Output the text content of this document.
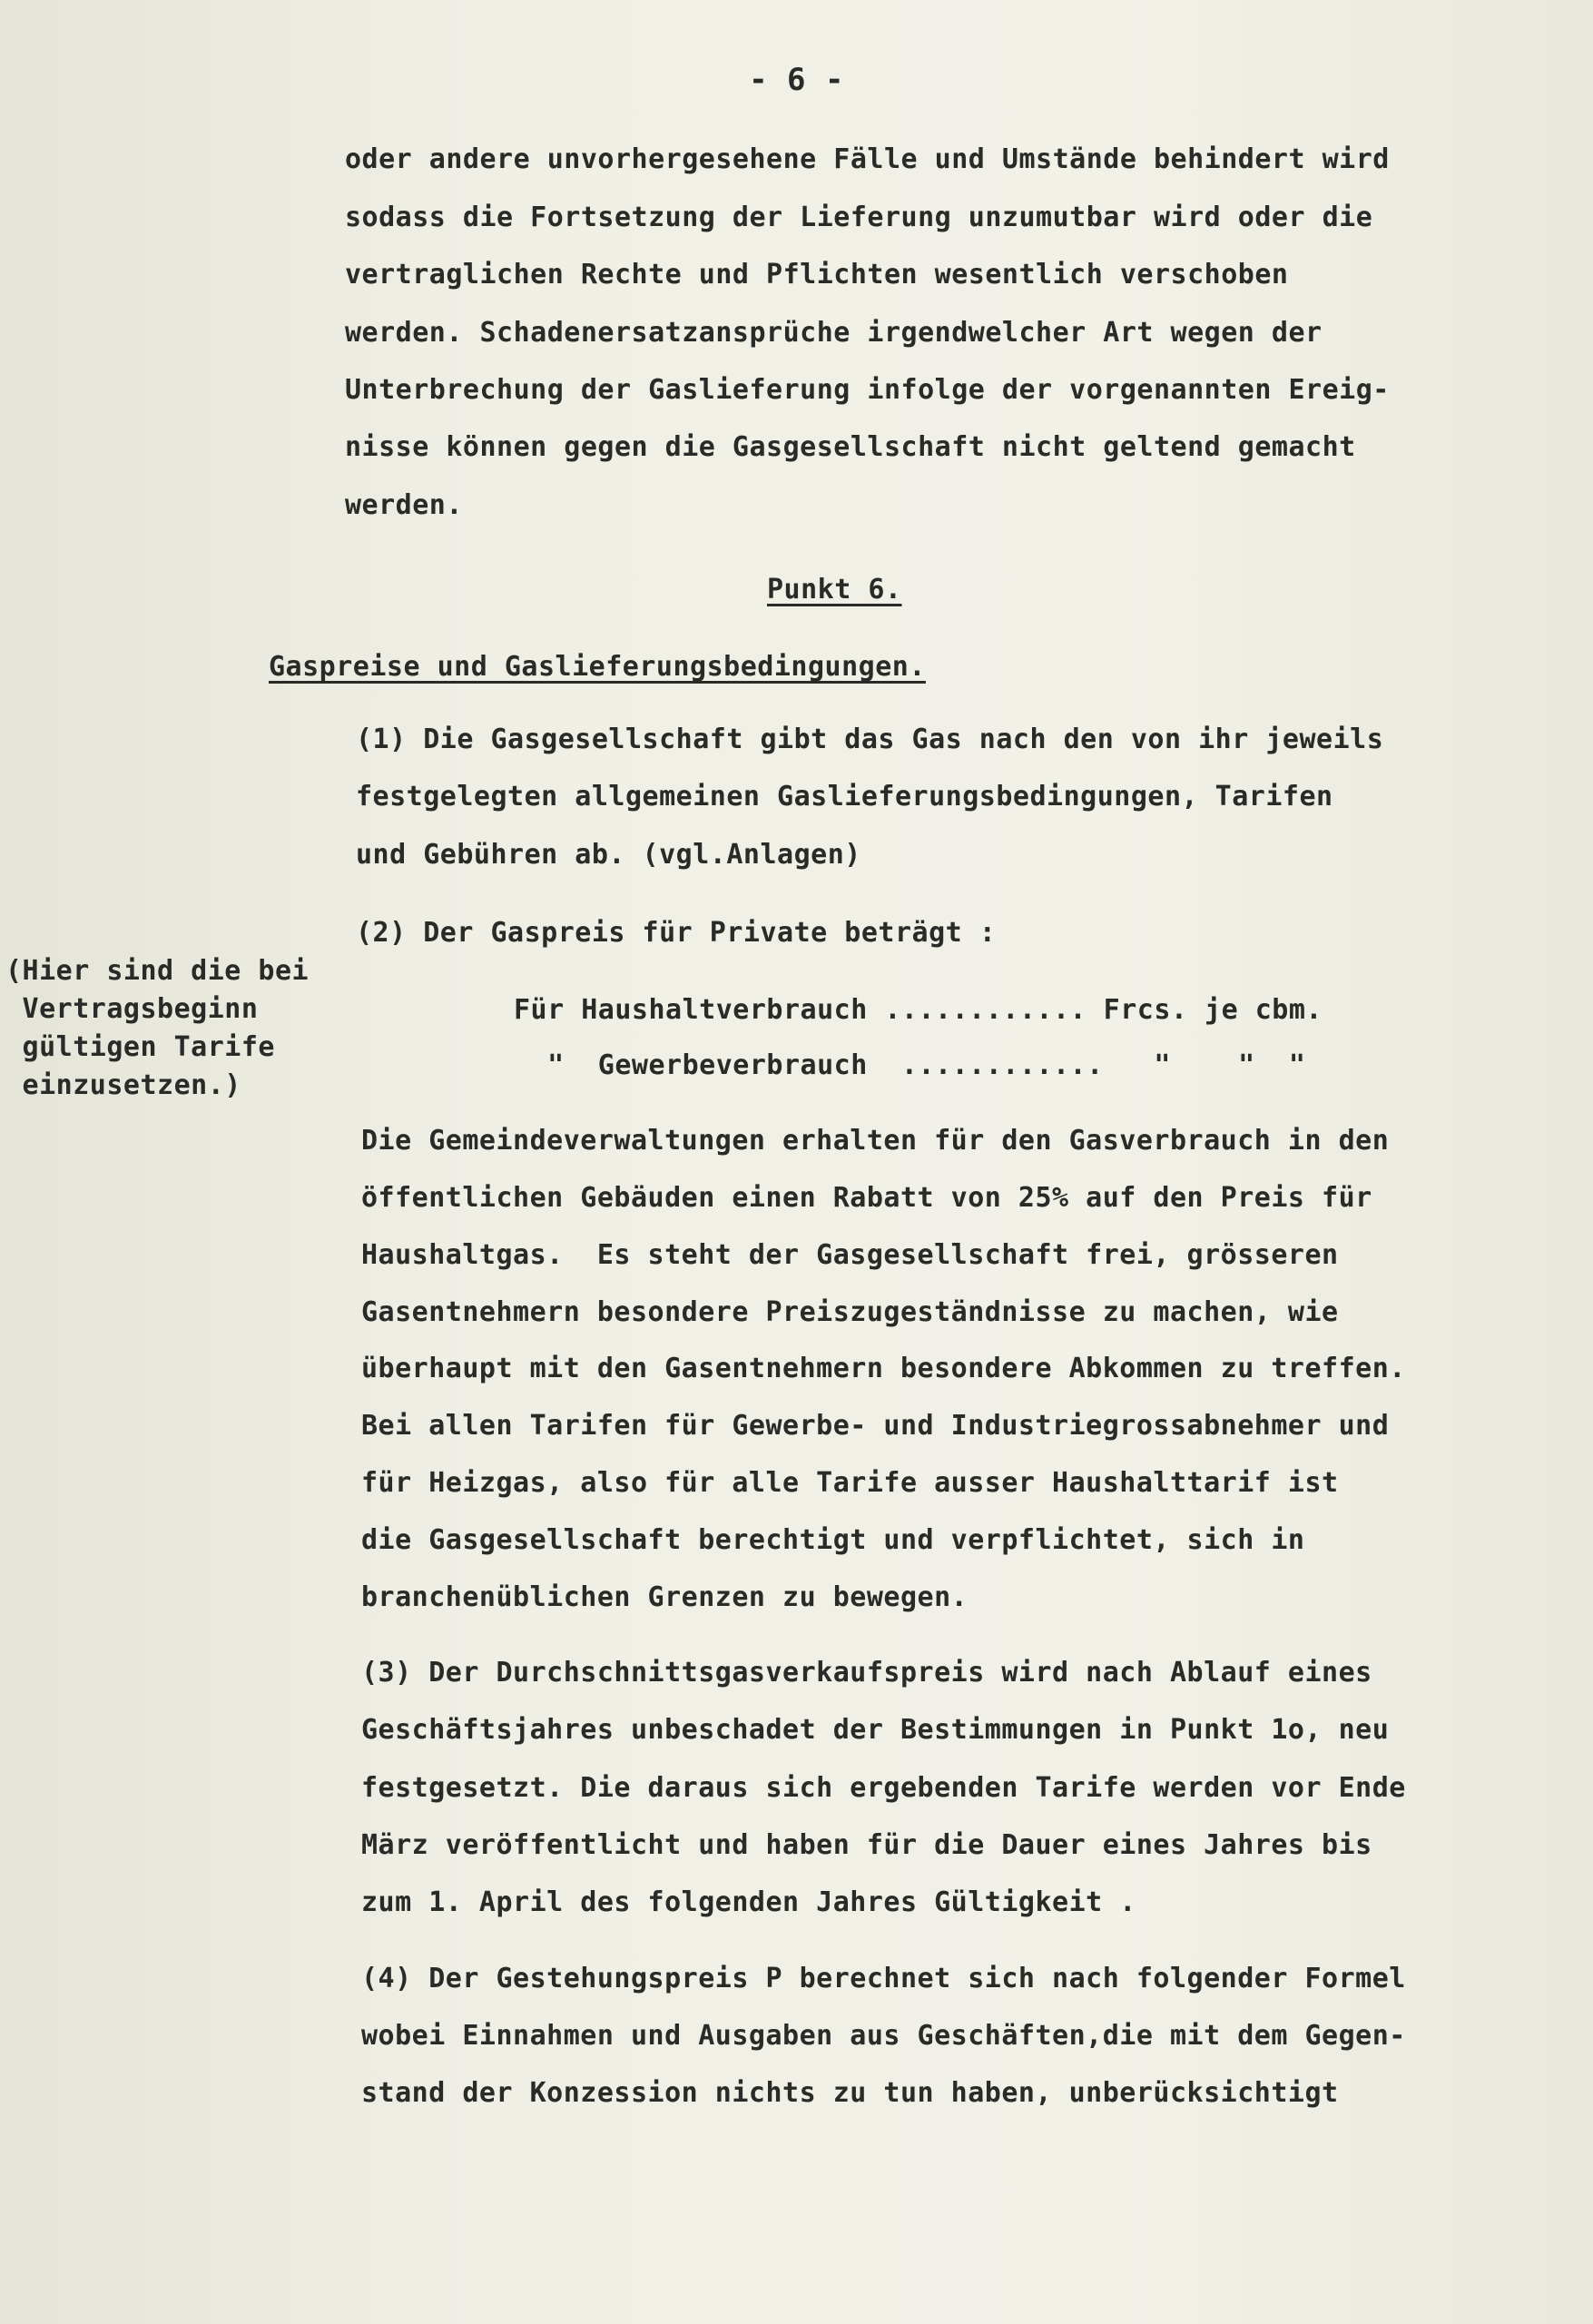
- 6 -
oder andere unvorhergesehene Fälle und Umstände behindert wird
sodass die Fortsetzung der Lieferung unzumutbar wird oder die
vertraglichen Rechte und Pflichten wesentlich verschoben
werden. Schadenersatzansprüche irgendwelcher Art wegen der
Unterbrechung der Gaslieferung infolge der vorgenannten Ereig-
nisse können gegen die Gasgesellschaft nicht geltend gemacht
werden.
Punkt 6.
Gaspreise und Gaslieferungsbedingungen.
(1) Die Gasgesellschaft gibt das Gas nach den von ihr jeweils
festgelegten allgemeinen Gaslieferungsbedingungen, Tarifen
und Gebühren ab. (vgl.Anlagen)
(2) Der Gaspreis für Private beträgt :
(Hier sind die bei
Vertragsbeginn
gültigen Tarife
einzusetzen.)
Für Haushaltverbrauch ............ Frcs. je cbm.
"  Gewerbeverbrauch  ............   "    "  "
Die Gemeindeverwaltungen erhalten für den Gasverbrauch in den
öffentlichen Gebäuden einen Rabatt von 25% auf den Preis für
Haushaltgas.  Es steht der Gasgesellschaft frei, grösseren
Gasentnehmern besondere Preiszugeständnisse zu machen, wie
überhaupt mit den Gasentnehmern besondere Abkommen zu treffen.
Bei allen Tarifen für Gewerbe- und Industriegrossabnehmer und
für Heizgas, also für alle Tarife ausser Haushalttarif ist
die Gasgesellschaft berechtigt und verpflichtet, sich in
branchenüblichen Grenzen zu bewegen.
(3) Der Durchschnittsgasverkaufspreis wird nach Ablauf eines
Geschäftsjahres unbeschadet der Bestimmungen in Punkt 1o, neu
festgesetzt. Die daraus sich ergebenden Tarife werden vor Ende
März veröffentlicht und haben für die Dauer eines Jahres bis
zum 1. April des folgenden Jahres Gültigkeit .
(4) Der Gestehungspreis P berechnet sich nach folgender Formel
wobei Einnahmen und Ausgaben aus Geschäften,die mit dem Gegen-
stand der Konzession nichts zu tun haben, unberücksichtigt
